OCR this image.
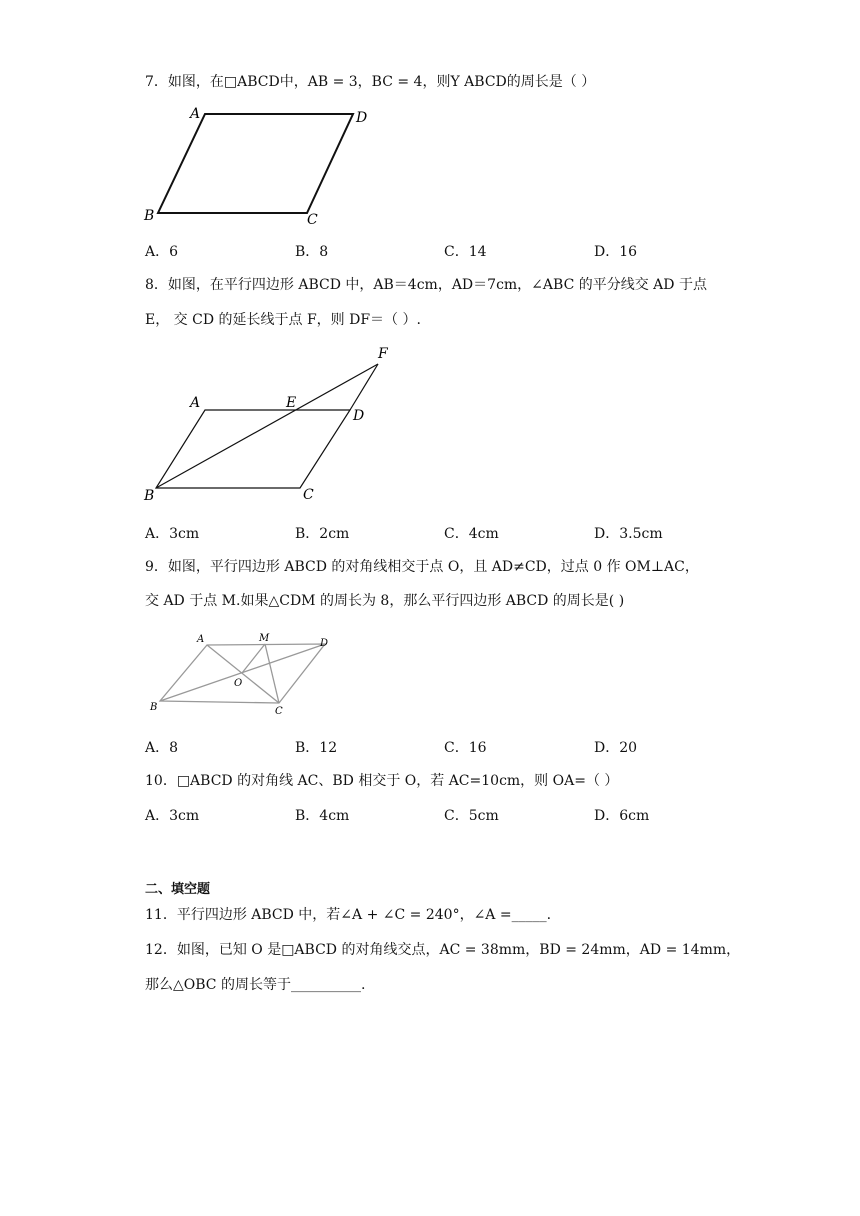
7．如图，在□ABCD中，AB = 3，BC = 4，则Y ABCD的周长是（ ）
A	D
B	C
A．6	B．8	C．14	D．16
8．如图，在平行四边形 ABCD 中，AB＝4cm，AD＝7cm，∠ABC 的平分线交 AD 于点
E， 交 CD 的延长线于点 F，则 DF＝（ ）.
F
A	E
D
B	C
A．3cm	B．2cm	C．4cm	D．3.5cm
9．如图，平行四边形 ABCD 的对角线相交于点 O，且 AD≠CD，过点 0 作 OM⊥AC，
交 AD 于点 M.如果△CDM 的周长为 8，那么平行四边形 ABCD 的周长是( )
A	M	D
O
B	C
A．8	B．12	C．16	D．20
10．□ABCD 的对角线 AC、BD 相交于 O，若 AC=10cm，则 OA=（ ）
A．3cm	B．4cm	C．5cm	D．6cm
二、填空题
11．平行四边形 ABCD 中，若∠A + ∠C = 240°，∠A =_____.
12．如图，已知 O 是□ABCD 的对角线交点，AC = 38mm，BD = 24mm，AD = 14mm，
那么△OBC 的周长等于__________.
